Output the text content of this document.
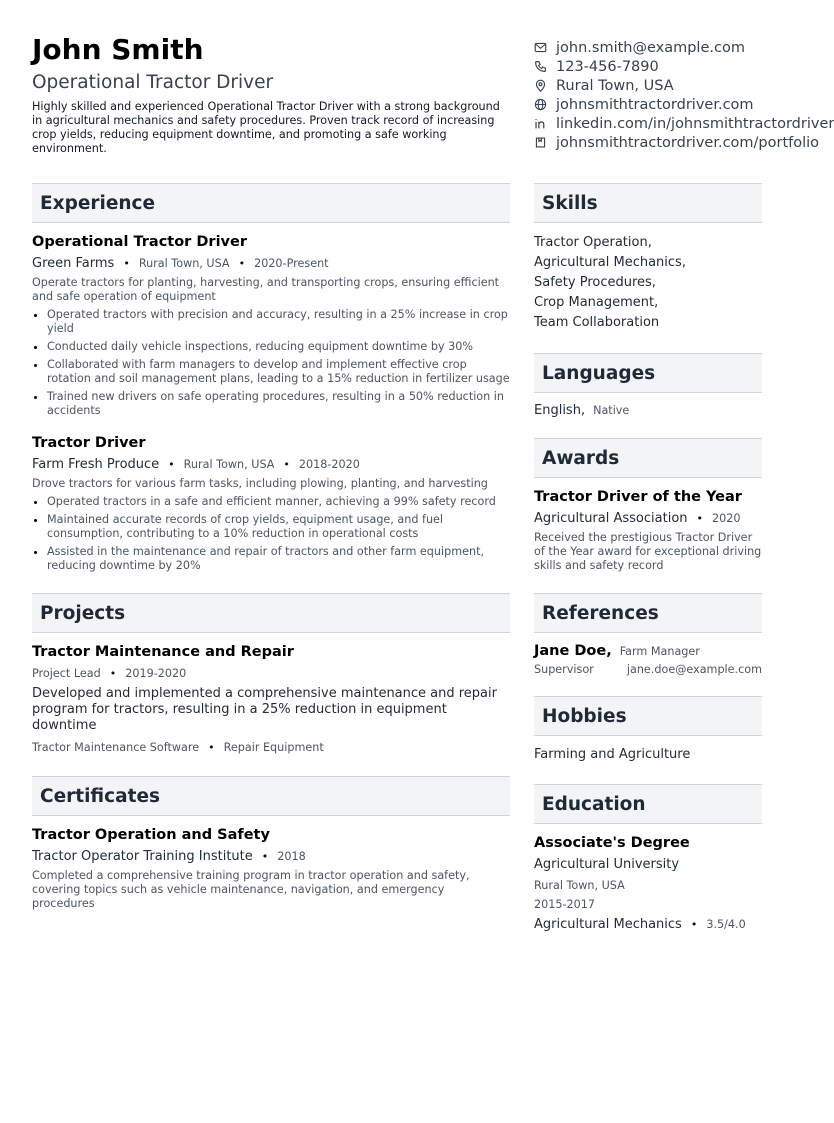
John Smith
Operational Tractor Driver
Highly skilled and experienced Operational Tractor Driver with a strong background in agricultural mechanics and safety procedures. Proven track record of increasing crop yields, reducing equipment downtime, and promoting a safe working environment.
john.smith@example.com
123-456-7890
Rural Town, USA
johnsmithtractordriver.com
linkedin.com/in/johnsmithtractordriver
johnsmithtractordriver.com/portfolio
Experience
Operational Tractor Driver
Green Farms • Rural Town, USA • 2020-Present
Operate tractors for planting, harvesting, and transporting crops, ensuring efficient and safe operation of equipment
• Operated tractors with precision and accuracy, resulting in a 25% increase in crop yield
• Conducted daily vehicle inspections, reducing equipment downtime by 30%
• Collaborated with farm managers to develop and implement effective crop rotation and soil management plans, leading to a 15% reduction in fertilizer usage
• Trained new drivers on safe operating procedures, resulting in a 50% reduction in accidents
Tractor Driver
Farm Fresh Produce • Rural Town, USA • 2018-2020
Drove tractors for various farm tasks, including plowing, planting, and harvesting
• Operated tractors in a safe and efficient manner, achieving a 99% safety record
• Maintained accurate records of crop yields, equipment usage, and fuel consumption, contributing to a 10% reduction in operational costs
• Assisted in the maintenance and repair of tractors and other farm equipment, reducing downtime by 20%
Projects
Tractor Maintenance and Repair
Project Lead • 2019-2020
Developed and implemented a comprehensive maintenance and repair program for tractors, resulting in a 25% reduction in equipment downtime
Tractor Maintenance Software • Repair Equipment
Certificates
Tractor Operation and Safety
Tractor Operator Training Institute • 2018
Completed a comprehensive training program in tractor operation and safety, covering topics such as vehicle maintenance, navigation, and emergency procedures
Skills
Tractor Operation,
Agricultural Mechanics,
Safety Procedures,
Crop Management,
Team Collaboration
Languages
English, Native
Awards
Tractor Driver of the Year
Agricultural Association • 2020
Received the prestigious Tractor Driver of the Year award for exceptional driving skills and safety record
References
Jane Doe, Farm Manager
Supervisor	jane.doe@example.com
Hobbies
Farming and Agriculture
Education
Associate's Degree
Agricultural University
Rural Town, USA
2015-2017
Agricultural Mechanics • 3.5/4.0
